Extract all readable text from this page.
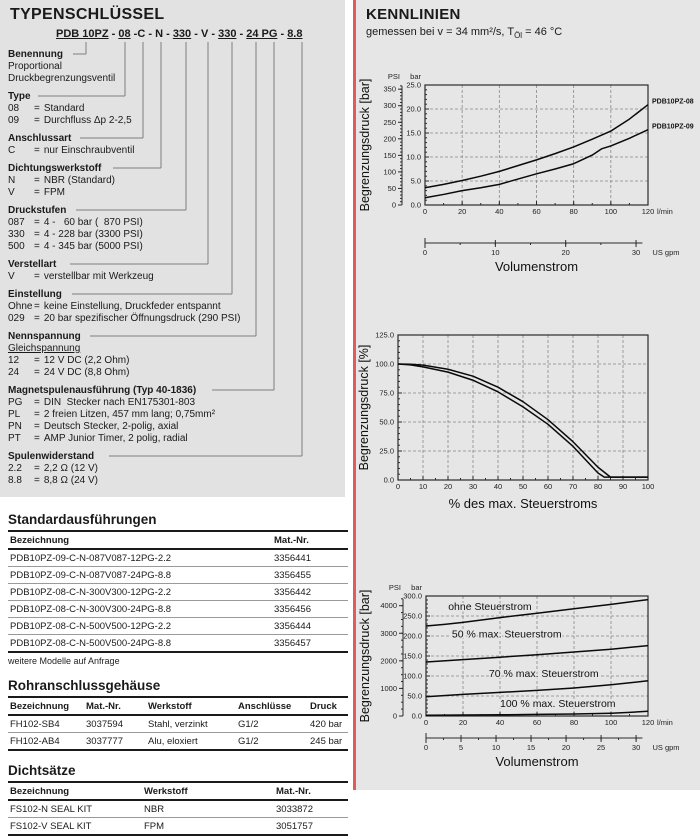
TYPENSCHLÜSSEL
PDB 10PZ - 08 -C - N - 330 - V - 330 - 24 PG - 8.8
Benennung
Proportional
Druckbegrenzungsventil
Type
08 = Standard
09 = Durchfluss Δp 2-2,5
Anschlussart
C = nur Einschraubventil
Dichtungswerkstoff
N = NBR (Standard)
V = FPM
Druckstufen
087 = 4 -   60 bar (  870 PSI)
330 = 4 - 228 bar (3300 PSI)
500 = 4 - 345 bar (5000 PSI)
Verstellart
V = verstellbar mit Werkzeug
Einstellung
Ohne = keine Einstellung, Druckfeder entspannt
029 = 20 bar spezifischer Öffnungsdruck (290 PSI)
Nennspannung
Gleichspannung
12 = 12 V DC (2,2 Ohm)
24 = 24 V DC (8,8 Ohm)
Magnetspulenausführung (Typ 40-1836)
PG = DIN  Stecker nach EN175301-803
PL = 2 freien Litzen, 457 mm lang; 0,75mm²
PN = Deutsch Stecker, 2-polig, axial
PT = AMP Junior Timer, 2 polig, radial
Spulenwiderstand
2.2 = 2,2 Ω (12 V)
8.8 = 8,8 Ω (24 V)
Standardausführungen
Bezeichnung	Mat.-Nr.
PDB10PZ-09-C-N-087V087-12PG-2.2	3356441
PDB10PZ-09-C-N-087V087-24PG-8.8	3356455
PDB10PZ-08-C-N-300V300-12PG-2.2	3356442
PDB10PZ-08-C-N-300V300-24PG-8.8	3356456
PDB10PZ-08-C-N-500V500-12PG-2.2	3356444
PDB10PZ-08-C-N-500V500-24PG-8.8	3356457
weitere Modelle auf Anfrage
Rohranschlussgehäuse
Bezeichnung	Mat.-Nr.	Werkstoff	Anschlüsse	Druck
FH102-SB4	3037594	Stahl, verzinkt	G1/2	420 bar
FH102-AB4	3037777	Alu, eloxiert	G1/2	245 bar
Dichtsätze
Bezeichnung	Werkstoff	Mat.-Nr.
FS102-N SEAL KIT	NBR	3033872
FS102-V SEAL KIT	FPM	3051757
KENNLINIEN
gemessen bei v = 34 mm²/s, $T_{Öl} = 46$ °C
0	20	40	60	80	100	120 l/min
0.0
5.0
10.0
15.0
20.0
25.0
bar
0
50
100
150
200
250
300
350
PSI
PDB10PZ-08
PDB10PZ-09
0	10	20	30 US gpm
Volumenstrom
Begrenzungsdruck [bar]
0 10 20 30 40 50 60 70 80 90 100
0.0
25.0
50.0
75.0
100.0
125.0
% des max. Steuerstroms
Begrenzungsdruck [%]
0	20	40	60	80	100	120 l/min
0.0
50.0
100.0
150.0
200.0
250.0
300.0
bar
0
1000
2000
3000
4000
PSI
ohne Steuerstrom
50 % max. Steuerstrom
70 % max. Steuerstrom
100 % max. Steuerstrom
0	5	10	15	20	25	30 US gpm
Volumenstrom
Begrenzungsdruck [bar]
